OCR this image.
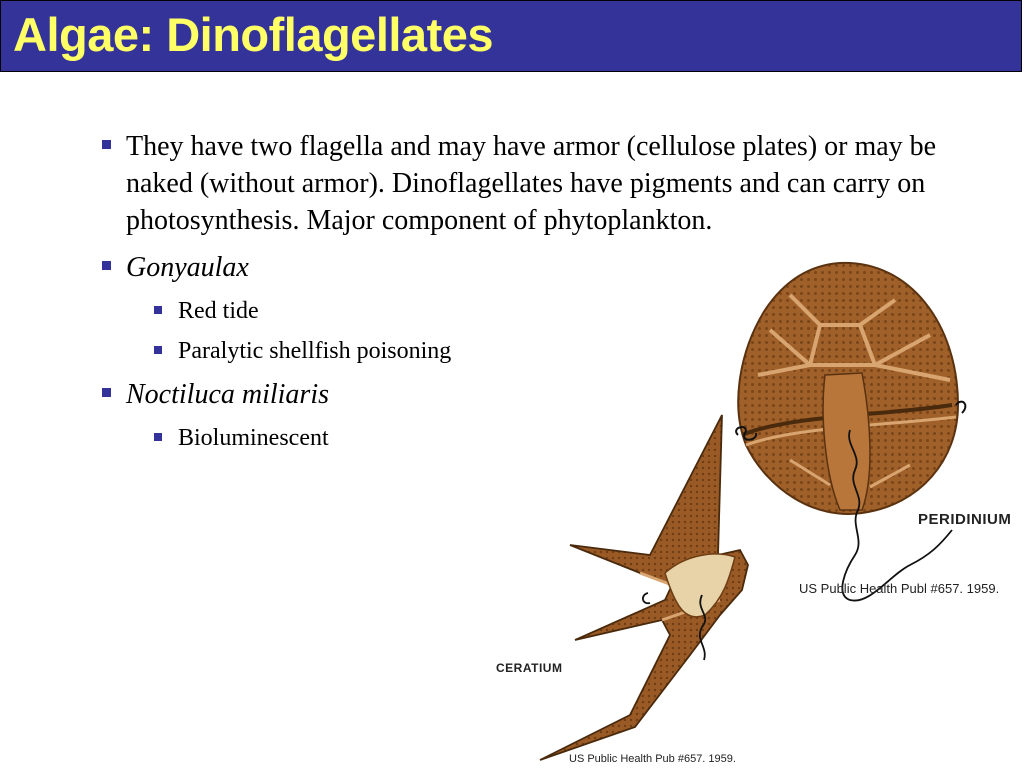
Algae: Dinoflagellates
They have two flagella and may have armor (cellulose plates) or may be naked (without armor). Dinoflagellates have pigments and can carry on photosynthesis. Major component of phytoplankton.
Gonyaulax
Red tide
Paralytic shellfish poisoning
Noctiluca miliaris
Bioluminescent
PERIDINIUM
US Public Health Publ #657. 1959.
CERATIUM
US Public Health Pub #657. 1959.
